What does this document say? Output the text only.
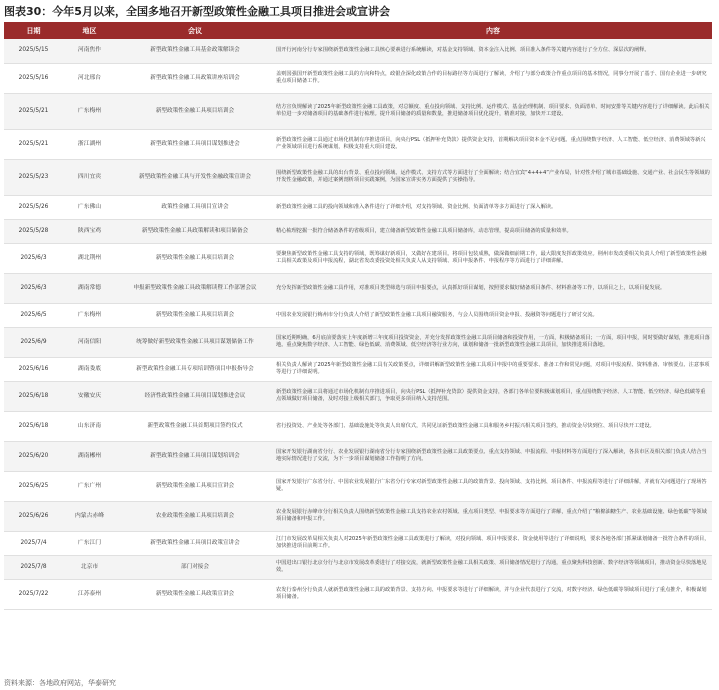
图表30：今年5月以来，全国多地召开新型政策性金融工具项目推进会或宣讲会
日期	地区	会议	内容
2025/5/15	河南焦作	新型政策性金融工具基金政策解读会	国开行河南分行专家围绕新型政策性金融工具核心要素进行系统解读，对基金支持领域、资本金注入比例、项目准入条件等关键内容进行了全方位、深层次的阐释。
2025/5/16	河北邢台	新型政策性金融工具政策讲座培训会	盖则国强国开新型政策性金融工具的方向和特点，政银企深化政策合作的目标路径等方面进行了解读，介绍了与部分政策合作重点项目的基本情况，同事分开展了基于、国有企业进一步研究重点项目储备工作。
2025/5/21	广东梅州	新型政策性金融工具项目培训会	结方宣负规解读了2025年新型政策性金融工具政策，对总额度、重点投向领域、支持比例、运作模式、基金治理机制、项目要求、负面清单、时间安排等关键内容进行了详细解读。此后相关单位进一步对储备项目的基础条件进行梳理。提升项目储备的质量和数量，推进储备项目优化提升，精准对接，加快开工建设。
2025/5/21	浙江湖州	新型政策性金融工具项目谋划推进会	新型政策性金融工具通过市场化机制有序推进项目，向央行PSL（抵押补充贷款）提供资金支持，首期解决项目资本金不足问题。重点围绕数字经济、人工智能、低空经济、消费领域等新兴产业领域项目进行系统谋划，积极支持重大项目建设。
2025/5/23	四川宜宾	新型政策性金融工具与开发性金融政策宣讲会	围绕新型政策性金融工具的出台背景、重点投向领域、运作模式、支持方式等方面进行了全面解读；结合宜宾“4+4+4”产业布局，针对性介绍了城市基础设施、交通产业、社会民生等领域的开发性金融政策，并通过案例剖析项目实践案例，为国家宣讲实务方面提供了实操指导。
2025/5/26	广东佛山	政策性金融工具项目宣讲会	新型政策性金融工具的投向领域和准入条件进行了详细介绍，对支持领域、资金比例、负面清单等多方面进行了深入解读。
2025/5/28	陕西宝鸡	新型政策性金融工具政策解读和项目储备会	精心梳理挖掘一批符合储备条件的省级项目，建立储备新型政策性金融工具项目储备库，动态管理，提高项目储备的质量和效率。
2025/6/3	湖北荆州	新型政策性金融工具项目培训会	要聚焦新型政策性金融工具支持的领域，既筹谋好新项目，又做好在建项目。将项目包装成熟，做深做细前期工作，最大限度发挥政策效应。荆州市发改委相关负责人介绍了新型政策性金融工具相关政策及项目申报流程，湖北省发改委投资处相关负责人从支持领域、项目申报条件、申报程序等方面进行了详细讲解。
2025/6/3	湖南常德	申报新型政策性金融工具政策解读暨工作部署会议	充分发挥新型政策性金融工具作用，对准项目类型筛选与项目申报要点，认真抓好项目谋划，按照要求做好储备项目条件、材料准备等工作，以项目之上，以项目促发展。
2025/6/5	广东梅州	新型政策性金融工具项目培训会	中国农业发展银行梅州市分行负责人介绍了新型政策性金融工具项目融资服务，与会人员围绕项目资金申报、投融资等问题进行了研讨交流。
2025/6/9	河南信阳	统筹做好新型政策性金融工具项目谋划储备工作	国家近期明确，6月底前要落实上年度新增三年度项目投资资金，并充分发挥政策性金融工具项目储备和投资作用，一方面，积极储备项目；一方面，项目申报，同时要做好谋划，推进项目落地。重点聚焦数字经济、人工智能、绿色低碳、消费领域、低空经济等行业方向，谋划和储备一批新型政策性金融工具项目，加快推进项目落地。
2025/6/16	湖南娄底	新型政策性金融工具专项培训暨项目申报指导会	相关负责人解读了2025年新型政策性金融工具有关政策要点，详细讲解新型政策性金融工具项目申报中的重要要求、准备工作和常见问题，对项目申报流程、资料准备、审核要点、注意事项等进行了详细说明。
2025/6/18	安徽安庆	经济性政策性金融工具项目谋划推进会议	新型政策性金融工具将通过市场化机制有序推进项目，向央行PSL（抵押补充贷款）提供资金支持，各部门各单位要积极谋划项目，重点围绕数字经济、人工智能、低空经济、绿色低碳等重点领域做好项目储备，及时对接上级相关部门，争取更多项目纳入支持范围。
2025/6/18	山东济南	新型政策性金融工具首期项目签约仪式	省行投资处、产业处等各部门、基础设施处等负责人出席仪式，共同见证新型政策性金融工具和服务乡村振兴相关项目签约，推动资金尽快到位、项目尽快开工建设。
2025/6/20	湖南郴州	新型政策性金融工具项目谋划培训会	国家开发银行湖南省分行、农业发展银行湖南省分行专家围绕新型政策性金融工具政策要点、重点支持领域、申报流程、申报材料等方面进行了深入解读，各县市区及相关部门负责人结合当地实际情况进行了交流，为下一步项目谋划储备工作指明了方向。
2025/6/25	广东广州	新型政策性金融工具项目宣讲会	国家开发银行广东省分行、中国农业发展银行广东省分行专家对新型政策性金融工具的政策背景、投向领域、支持比例、项目条件、申报流程等进行了详细讲解，并就有关问题进行了现场答疑。
2025/6/26	内蒙古赤峰	农业政策性金融工具项目培训会	农业发展银行赤峰市分行相关负责人围绕新型政策性金融工具支持农业农村领域、重点项目类型、申报要求等方面进行了讲解，重点介绍了“粮棉油糖生产、农业基础设施、绿色低碳”等领域项目储备和申报工作。
2025/7/4	广东江门	新型政策性金融工具项目政策宣讲会	江门市发展改革局相关负责人对2025年新型政策性金融工具政策进行了解读，对投向领域、项目申报要求、资金使用等进行了详细说明，要求各地各部门抓紧谋划储备一批符合条件的项目，加快推进项目前期工作。
2025/7/8	北京市	部门对接会	中国进出口银行北京分行与北京市发展改革委进行了对接交流，就新型政策性金融工具相关政策、项目储备情况进行了沟通，重点聚焦科技创新、数字经济等领域项目，推动资金尽快落地见效。
2025/7/22	江苏泰州	新型政策性金融工具政策宣讲会	农发行泰州分行负责人就新型政策性金融工具的政策背景、支持方向、申报要求等进行了详细解读，并与企业代表进行了交流，对数字经济、绿色低碳等领域项目进行了重点推介，积极谋划项目储备。
资料来源：各地政府网站，华泰研究
